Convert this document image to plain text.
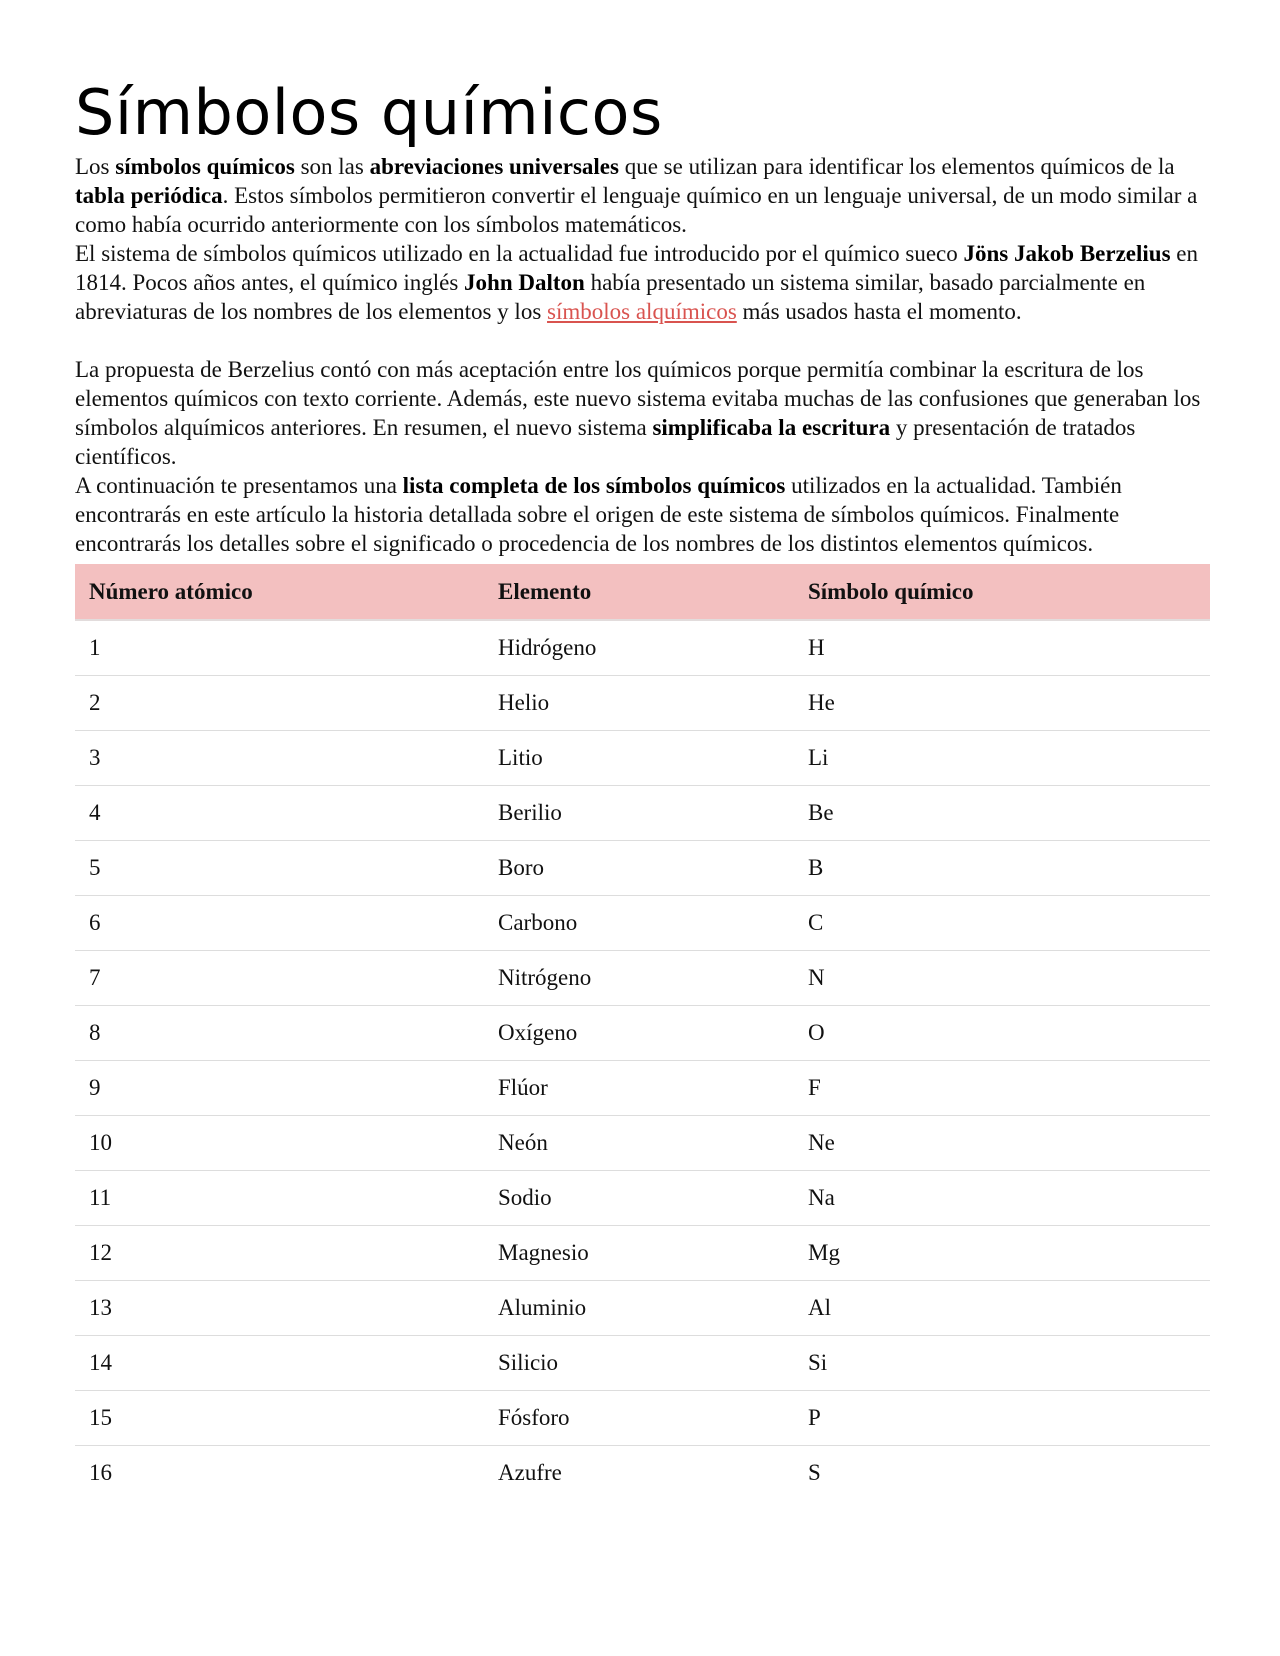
Símbolos químicos

Los símbolos químicos son las abreviaciones universales que se utilizan para identificar los elementos químicos de la tabla periódica. Estos símbolos permitieron convertir el lenguaje químico en un lenguaje universal, de un modo similar a como había ocurrido anteriormente con los símbolos matemáticos.

El sistema de símbolos químicos utilizado en la actualidad fue introducido por el químico sueco Jöns Jakob Berzelius en 1814. Pocos años antes, el químico inglés John Dalton había presentado un sistema similar, basado parcialmente en abreviaturas de los nombres de los elementos y los símbolos alquímicos más usados hasta el momento.

La propuesta de Berzelius contó con más aceptación entre los químicos porque permitía combinar la escritura de los elementos químicos con texto corriente. Además, este nuevo sistema evitaba muchas de las confusiones que generaban los símbolos alquímicos anteriores. En resumen, el nuevo sistema simplificaba la escritura y presentación de tratados científicos.

A continuación te presentamos una lista completa de los símbolos químicos utilizados en la actualidad. También encontrarás en este artículo la historia detallada sobre el origen de este sistema de símbolos químicos. Finalmente encontrarás los detalles sobre el significado o procedencia de los nombres de los distintos elementos químicos.

Número atómico	Elemento	Símbolo químico
1	Hidrógeno	H
2	Helio	He
3	Litio	Li
4	Berilio	Be
5	Boro	B
6	Carbono	C
7	Nitrógeno	N
8	Oxígeno	O
9	Flúor	F
10	Neón	Ne
11	Sodio	Na
12	Magnesio	Mg
13	Aluminio	Al
14	Silicio	Si
15	Fósforo	P
16	Azufre	S
